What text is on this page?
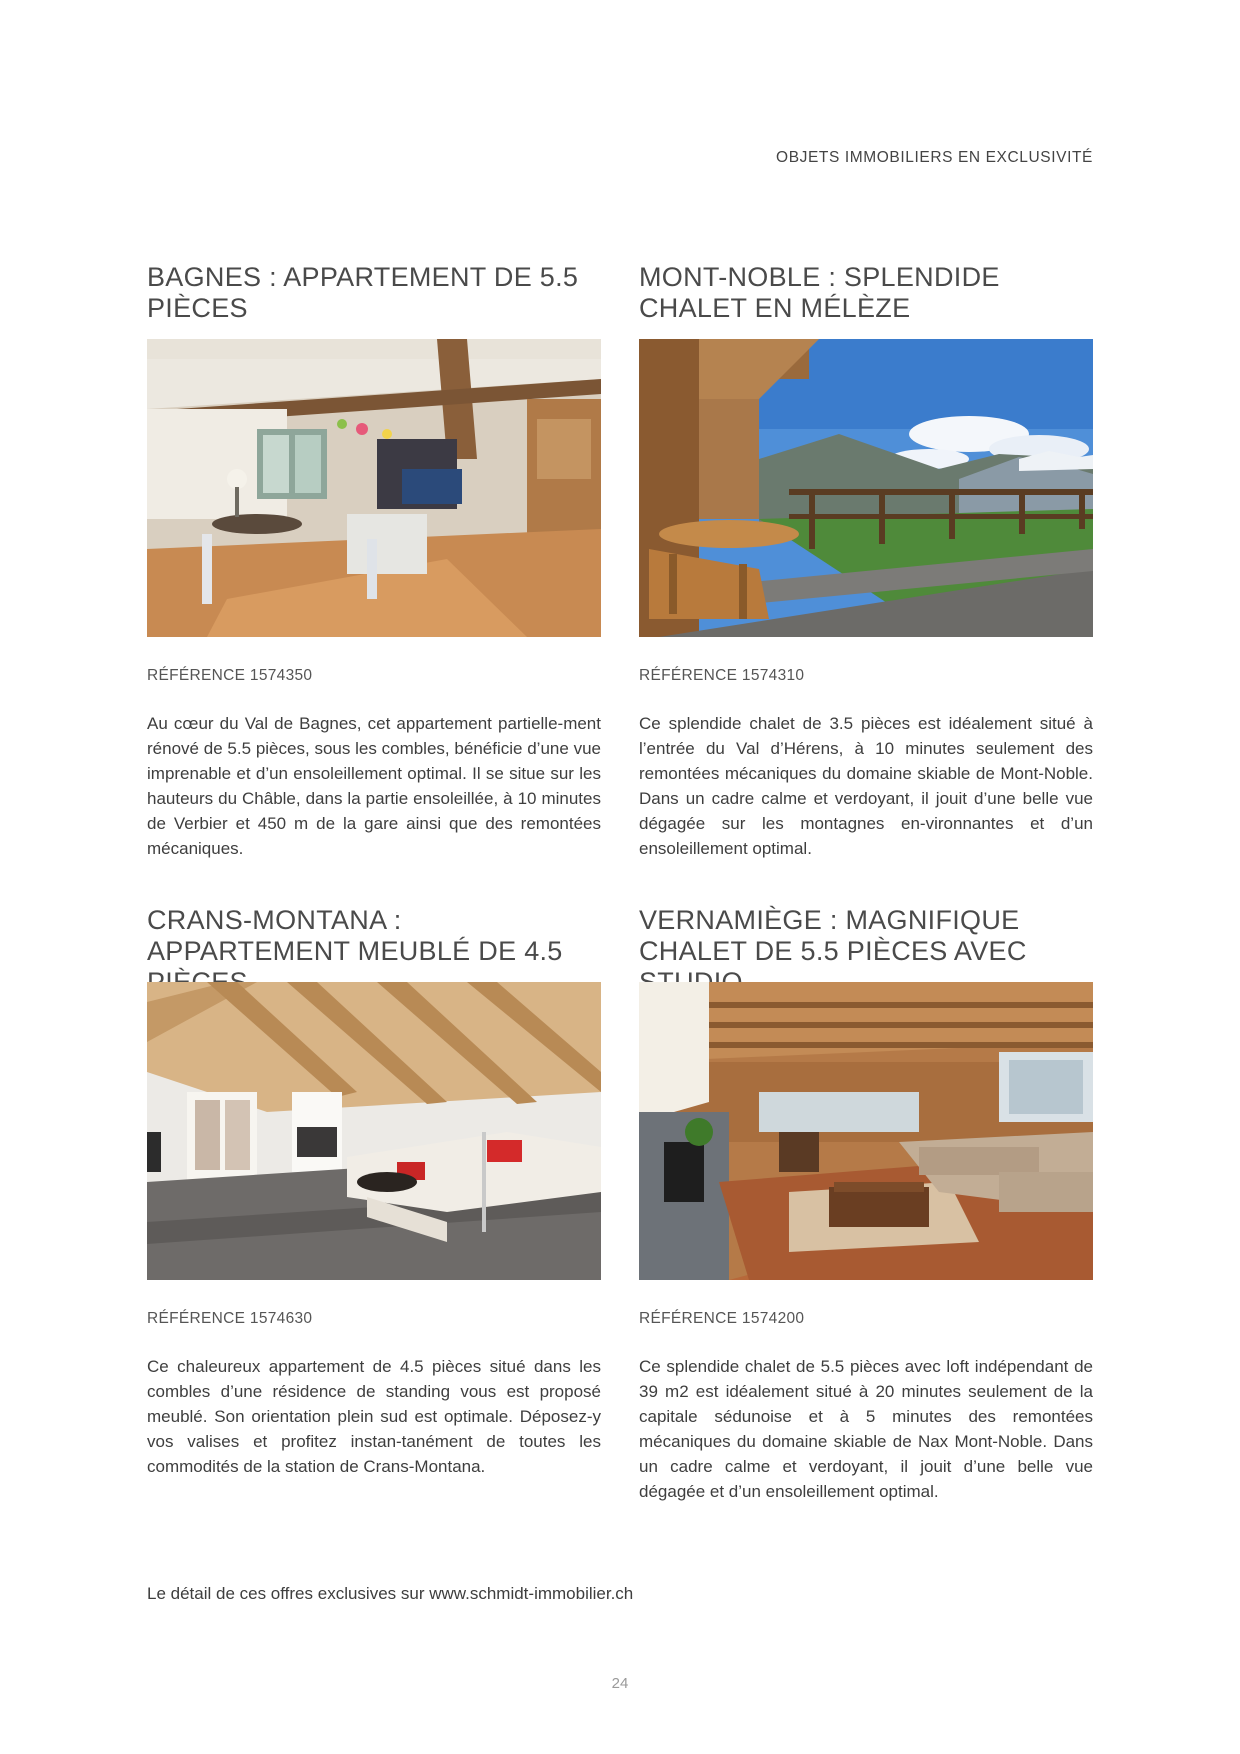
OBJETS IMMOBILIERS EN EXCLUSIVITÉ
BAGNES : APPARTEMENT DE 5.5 PIÈCES
RÉFÉRENCE 1574350

Au cœur du Val de Bagnes, cet appartement partielle-ment rénové de 5.5 pièces, sous les combles, bénéficie d’une vue imprenable et d’un ensoleillement optimal. Il se situe sur les hauteurs du Châble, dans la partie ensoleillée, à 10 minutes de Verbier et 450 m de la gare ainsi que des remontées mécaniques.

MONT-NOBLE : SPLENDIDE CHALET EN MÉLÈZE
RÉFÉRENCE 1574310

Ce splendide chalet de 3.5 pièces est idéalement situé à l’entrée du Val d’Hérens, à 10 minutes seulement des remontées mécaniques du domaine skiable de Mont-Noble. Dans un cadre calme et verdoyant, il jouit d’une belle vue dégagée sur les montagnes en-vironnantes et d’un ensoleillement optimal.

CRANS-MONTANA : APPARTEMENT MEUBLÉ DE 4.5
RÉFÉRENCE 1574630

Ce chaleureux appartement de 4.5 pièces situé dans les combles d’une résidence de standing vous est proposé meublé. Son orientation plein sud est optimale. Déposez-y vos valises et profitez instan-tanément de toutes les commodités de la station de Crans-Montana.

VERNAMIÈGE : MAGNIFIQUE CHALET DE 5.5 PIÈCES AVEC
RÉFÉRENCE 1574200

Ce splendide chalet de 5.5 pièces avec loft indépendant de 39 m2 est idéalement situé à 20 minutes seulement de la capitale sédunoise et à 5 minutes des remontées mécaniques du domaine skiable de Nax Mont-Noble. Dans un cadre calme et verdoyant, il jouit d’une belle vue dégagée et d’un ensoleillement optimal.

Le détail de ces offres exclusives sur www.schmidt-immobilier.ch
24
